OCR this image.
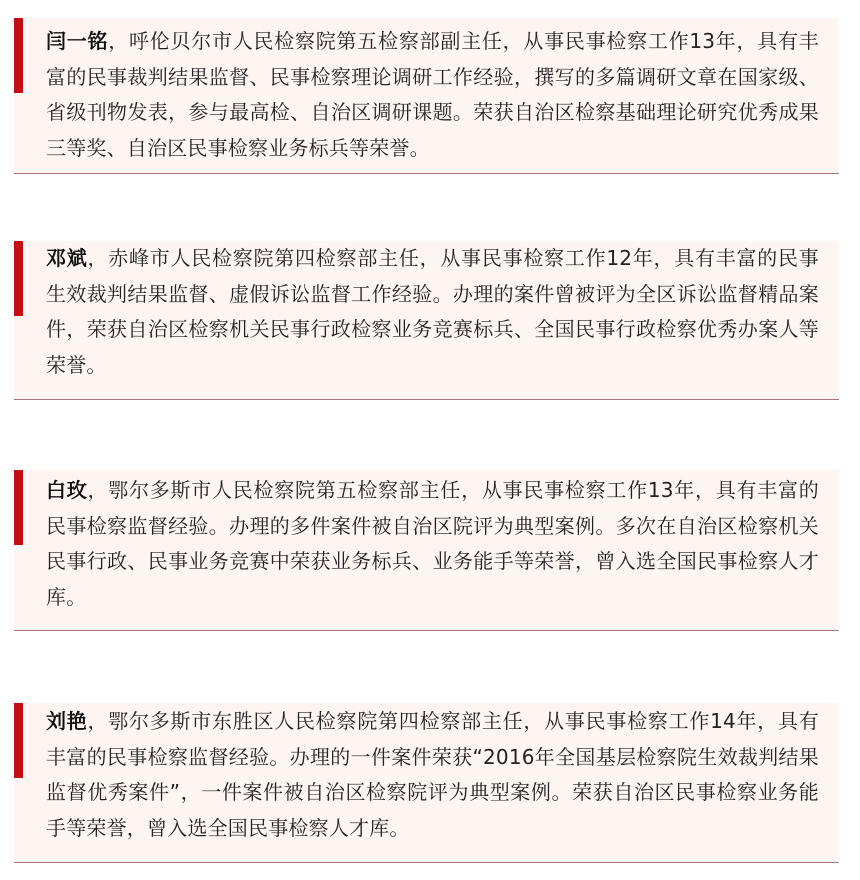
闫一铭，呼伦贝尔市人民检察院第五检察部副主任，从事民事检察工作13年，具有丰富的民事裁判结果监督、民事检察理论调研工作经验，撰写的多篇调研文章在国家级、省级刊物发表，参与最高检、自治区调研课题。荣获自治区检察基础理论研究优秀成果三等奖、自治区民事检察业务标兵等荣誉。

邓斌，赤峰市人民检察院第四检察部主任，从事民事检察工作12年，具有丰富的民事生效裁判结果监督、虚假诉讼监督工作经验。办理的案件曾被评为全区诉讼监督精品案件，荣获自治区检察机关民事行政检察业务竞赛标兵、全国民事行政检察优秀办案人等荣誉。

白玫，鄂尔多斯市人民检察院第五检察部主任，从事民事检察工作13年，具有丰富的民事检察监督经验。办理的多件案件被自治区院评为典型案例。多次在自治区检察机关民事行政、民事业务竞赛中荣获业务标兵、业务能手等荣誉，曾入选全国民事检察人才库。

刘艳，鄂尔多斯市东胜区人民检察院第四检察部主任，从事民事检察工作14年，具有丰富的民事检察监督经验。办理的一件案件荣获“2016年全国基层检察院生效裁判结果监督优秀案件”，一件案件被自治区检察院评为典型案例。荣获自治区民事检察业务能手等荣誉，曾入选全国民事检察人才库。
